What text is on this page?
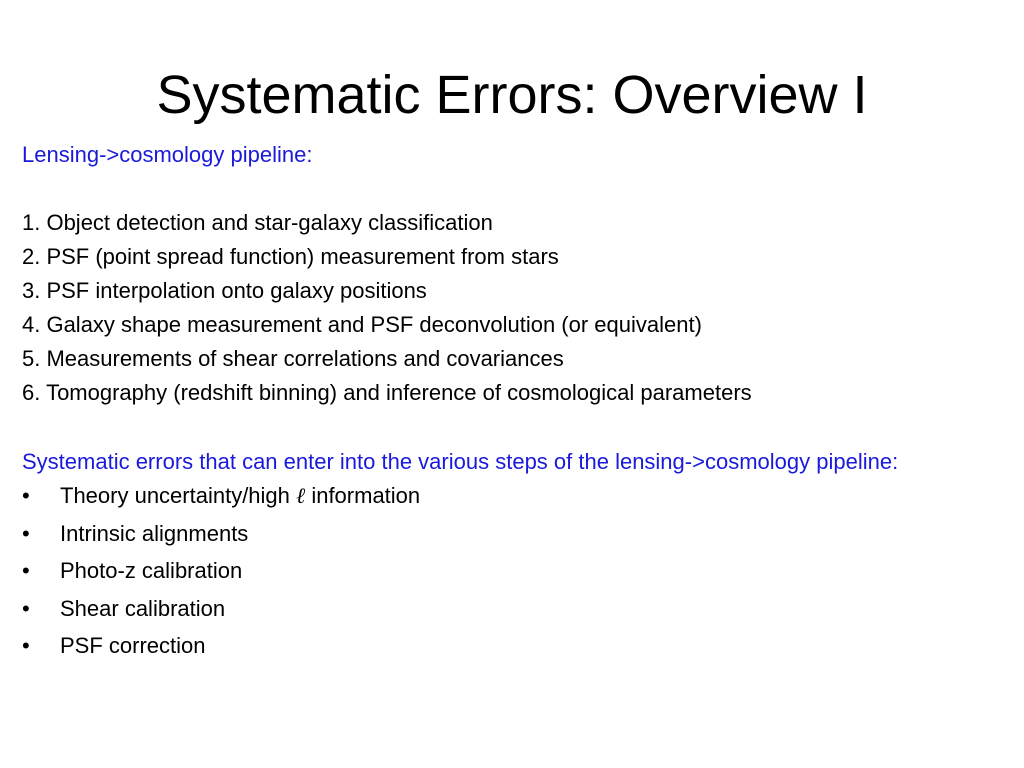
Systematic Errors: Overview I

Lensing->cosmology pipeline:

1. Object detection and star-galaxy classification
2. PSF (point spread function) measurement from stars
3. PSF interpolation onto galaxy positions
4. Galaxy shape measurement and PSF deconvolution (or equivalent)
5. Measurements of shear correlations and covariances
6. Tomography (redshift binning) and inference of cosmological parameters

Systematic errors that can enter into the various steps of the lensing->cosmology pipeline:

• Theory uncertainty/high ℓ information
• Intrinsic alignments
• Photo-z calibration
• Shear calibration
• PSF correction
